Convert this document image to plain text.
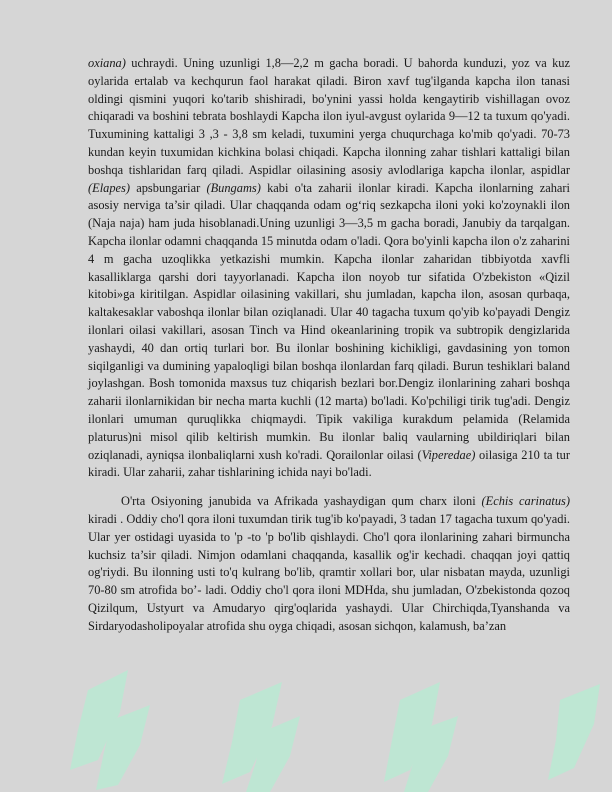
oxiana) uchraydi. Uning uzunligi 1,8—2,2 m gacha boradi. U bahorda kunduzi, yoz va kuz oylarida ertalab va kechqurun faol harakat qiladi. Biron xavf tug'ilganda kapcha ilon tanasi oldingi qismini yuqori ko'tarib shishiradi, bo'ynini yassi holda kengaytirib vishillagan ovoz chiqaradi va boshini tebrata boshlaydi Kapcha ilon iyul-avgust oylarida 9—12 ta tuxum qo'yadi. Tuxumining kattaligi 3 ,3 - 3,8 sm keladi, tuxumini yerga chuqurchaga ko'mib qo'yadi. 70-73 kundan keyin tuxumidan kichkina bolasi chiqadi. Kapcha ilonning zahar tishlari kattaligi bilan boshqa tishlaridan farq qiladi. Aspidlar oilasining asosiy avlodlariga kapcha ilonlar, aspidlar (Elapes) apsbungariar (Bungams) kabi o'ta zaharii ilonlar kiradi. Kapcha ilonlarning zahari asosiy nerviga ta’sir qiladi. Ular chaqqanda odam og‘riq sezkapcha iloni yoki ko'zoynakli ilon (Naja naja) ham juda hisoblanadi.Uning uzunligi 3—3,5 m gacha boradi, Janubiy da tarqalgan. Kapcha ilonlar odamni chaqqanda 15 minutda odam o'ladi. Qora bo'yinli kapcha ilon o'z zaharini 4 m gacha uzoqlikka yetkazishi mumkin. Kapcha ilonlar zaharidan tibbiyotda xavfli kasalliklarga qarshi dori tayyorlanadi. Kapcha ilon noyob tur sifatida O'zbekiston «Qizil kitobi»ga kiritilgan. Aspidlar oilasining vakillari, shu jumladan, kapcha ilon, asosan qurbaqa, kaltakesaklar vaboshqa ilonlar bilan oziqlanadi. Ular 40 tagacha tuxum qo'yib ko'payadi Dengiz ilonlari oilasi vakillari, asosan Tinch va Hind okeanlarining tropik va subtropik dengizlarida yashaydi, 40 dan ortiq turlari bor. Bu ilonlar boshining kichikligi, gavdasining yon tomon siqilganligi va dumining yapaloqligi bilan boshqa ilonlardan farq qiladi. Burun teshiklari baland joylashgan. Bosh tomonida maxsus tuz chiqarish bezlari bor.Dengiz ilonlarining zahari boshqa zaharii ilonlarnikidan bir necha marta kuchli (12 marta) bo'ladi. Ko'pchiligi tirik tug'adi. Dengiz ilonlari umuman quruqlikka chiqmaydi. Tipik vakiliga kurakdum pelamida (Relamida platurus)ni misol qilib keltirish mumkin. Bu ilonlar baliq vaularning ubildiriqlari bilan oziqlanadi, ayniqsa ilonbaliqlarni xush ko'radi. Qorailonlar oilasi (Viperedae) oilasiga 210 ta tur kiradi. Ular zaharii, zahar tishlarining ichida nayi bo'ladi.

O'rta Osiyoning janubida va Afrikada yashaydigan qum charx iloni (Echis carinatus) kiradi . Oddiy cho'l qora iloni tuxumdan tirik tug'ib ko'payadi, 3 tadan 17 tagacha tuxum qo'yadi. Ular yer ostidagi uyasida to 'p -to 'p bo'lib qishlaydi. Cho'l qora ilonlarining zahari birmuncha kuchsiz ta’sir qiladi. Nimjon odamlani chaqqanda, kasallik og'ir kechadi. chaqqan joyi qattiq og'riydi. Bu ilonning usti to'q kulrang bo'lib, qramtir xollari bor, ular nisbatan mayda, uzunligi 70-80 sm atrofida bo’- ladi. Oddiy cho'l qora iloni MDHda, shu jumladan, O'zbekistonda qozoq Qizilqum, Ustyurt va Amudaryo qirg'oqlarida yashaydi. Ular Chirchiqda,Tyanshanda va Sirdaryodasholipoyalar atrofida shu oyga chiqadi, asosan sichqon, kalamush, ba’zan
